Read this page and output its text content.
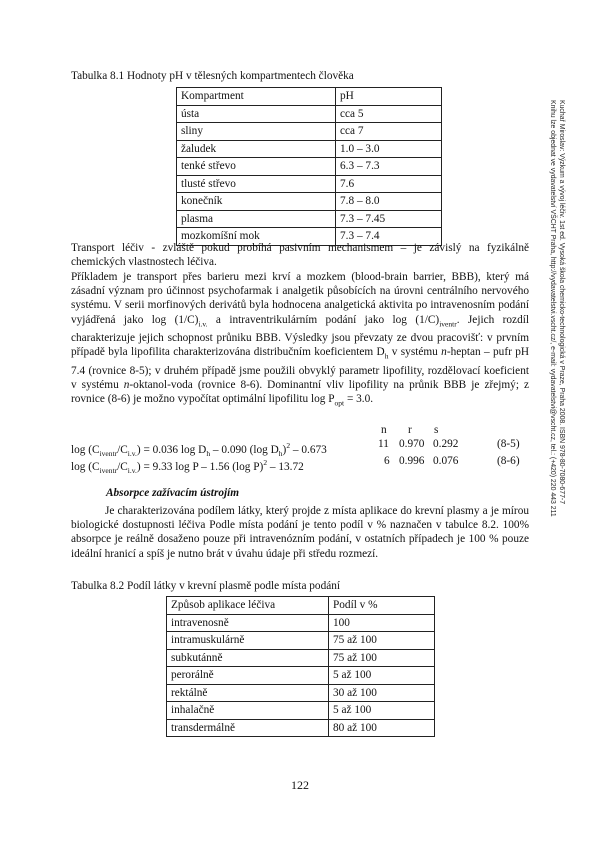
Tabulka 8.1 Hodnoty pH v tělesných kompartmentech člověka
Kompartment	pH
ústa	cca 5
sliny	cca 7
žaludek	1.0 – 3.0
tenké střevo	6.3 – 7.3
tlusté střevo	7.6
konečník	7.8 – 8.0
plasma	7.3 – 7.45
mozkomíšní mok	7.3 – 7.4

Transport léčiv - zvláště pokud probíhá pasivním mechanismem – je závislý na fyzikálně chemických vlastnostech léčiva.

Příkladem je transport přes barieru mezi krví a mozkem (blood-brain barrier, BBB), který má zásadní význam pro účinnost psychofarmak i analgetik působících na úrovni centrálního nervového systému. V serii morfinových derivátů byla hodnocena analgetická aktivita po intravenosním podání vyjádřená jako $\log (1/C)_{i.v.}$ a intraventrikulárním podání jako $\log (1/C)_{iventr}$. Jejich rozdíl charakterizuje jejich schopnost průniku BBB. Výsledky jsou převzaty ze dvou pracovišť: v prvním případě byla lipofilita charakterizována distribučním koeficientem $D_h$ v systému n-heptan – pufr pH 7.4 (rovnice 8-5); v druhém případě jsme použili obvyklý parametr lipofility, rozdělovací koeficient v systému n-oktanol-voda (rovnice 8-6). Dominantní vliv lipofility na průnik BBB je zřejmý; z rovnice (8-6) je možno vypočítat optimální lipofilitu $\log P_{opt} = 3.0$.

n r s
$\log (C_{iventr}/C_{i.v.}) = 0.036$ $\log D_h - 0.090$ (log $D_h)^2 - 0.673$	11 0.970 0.292	(8-5)
$\log (C_{iventr}/C_{i.v.}) = 9.33$ log P – 1.56 (log P)$^2$ – 13.72	6 0.996 0.076	(8-6)
Absorpce zažívacím ústrojím

Je charakterizována podílem látky, který projde z místa aplikace do krevní plasmy a je mírou biologické dostupnosti léčiva Podle místa podání je tento podíl v % naznačen v tabulce 8.2. 100% absorpce je reálně dosaženo pouze při intravenózním podání, v ostatních případech je 100 % pouze ideální hranicí a spíš je nutno brát v úvahu údaje při středu rozmezí.

Tabulka 8.2 Podíl látky v krevní plasmě podle místa podání
Způsob aplikace léčiva	Podíl v %
intravenosně	100
intramuskulárně	75 až 100
subkutánně	75 až 100
perorálně	5 až 100
rektálně	30 až 100
inhalačně	5 až 100
transdermálně	80 až 100
Kuchař Miroslav: Výzkum a vývoj léčiv. 1st ed. Vysoká škola chemicko-technologická v Praze, Praha 2008. ISBN 978-80-7080-677-7
Knihu lze objednat ve vydavatelství VŠCHT Praha, http://vydavatelstvi.vscht.cz/, e-mail: vydavatelstvi@vscht.cz, tel.: (+420) 220 443 211
122
